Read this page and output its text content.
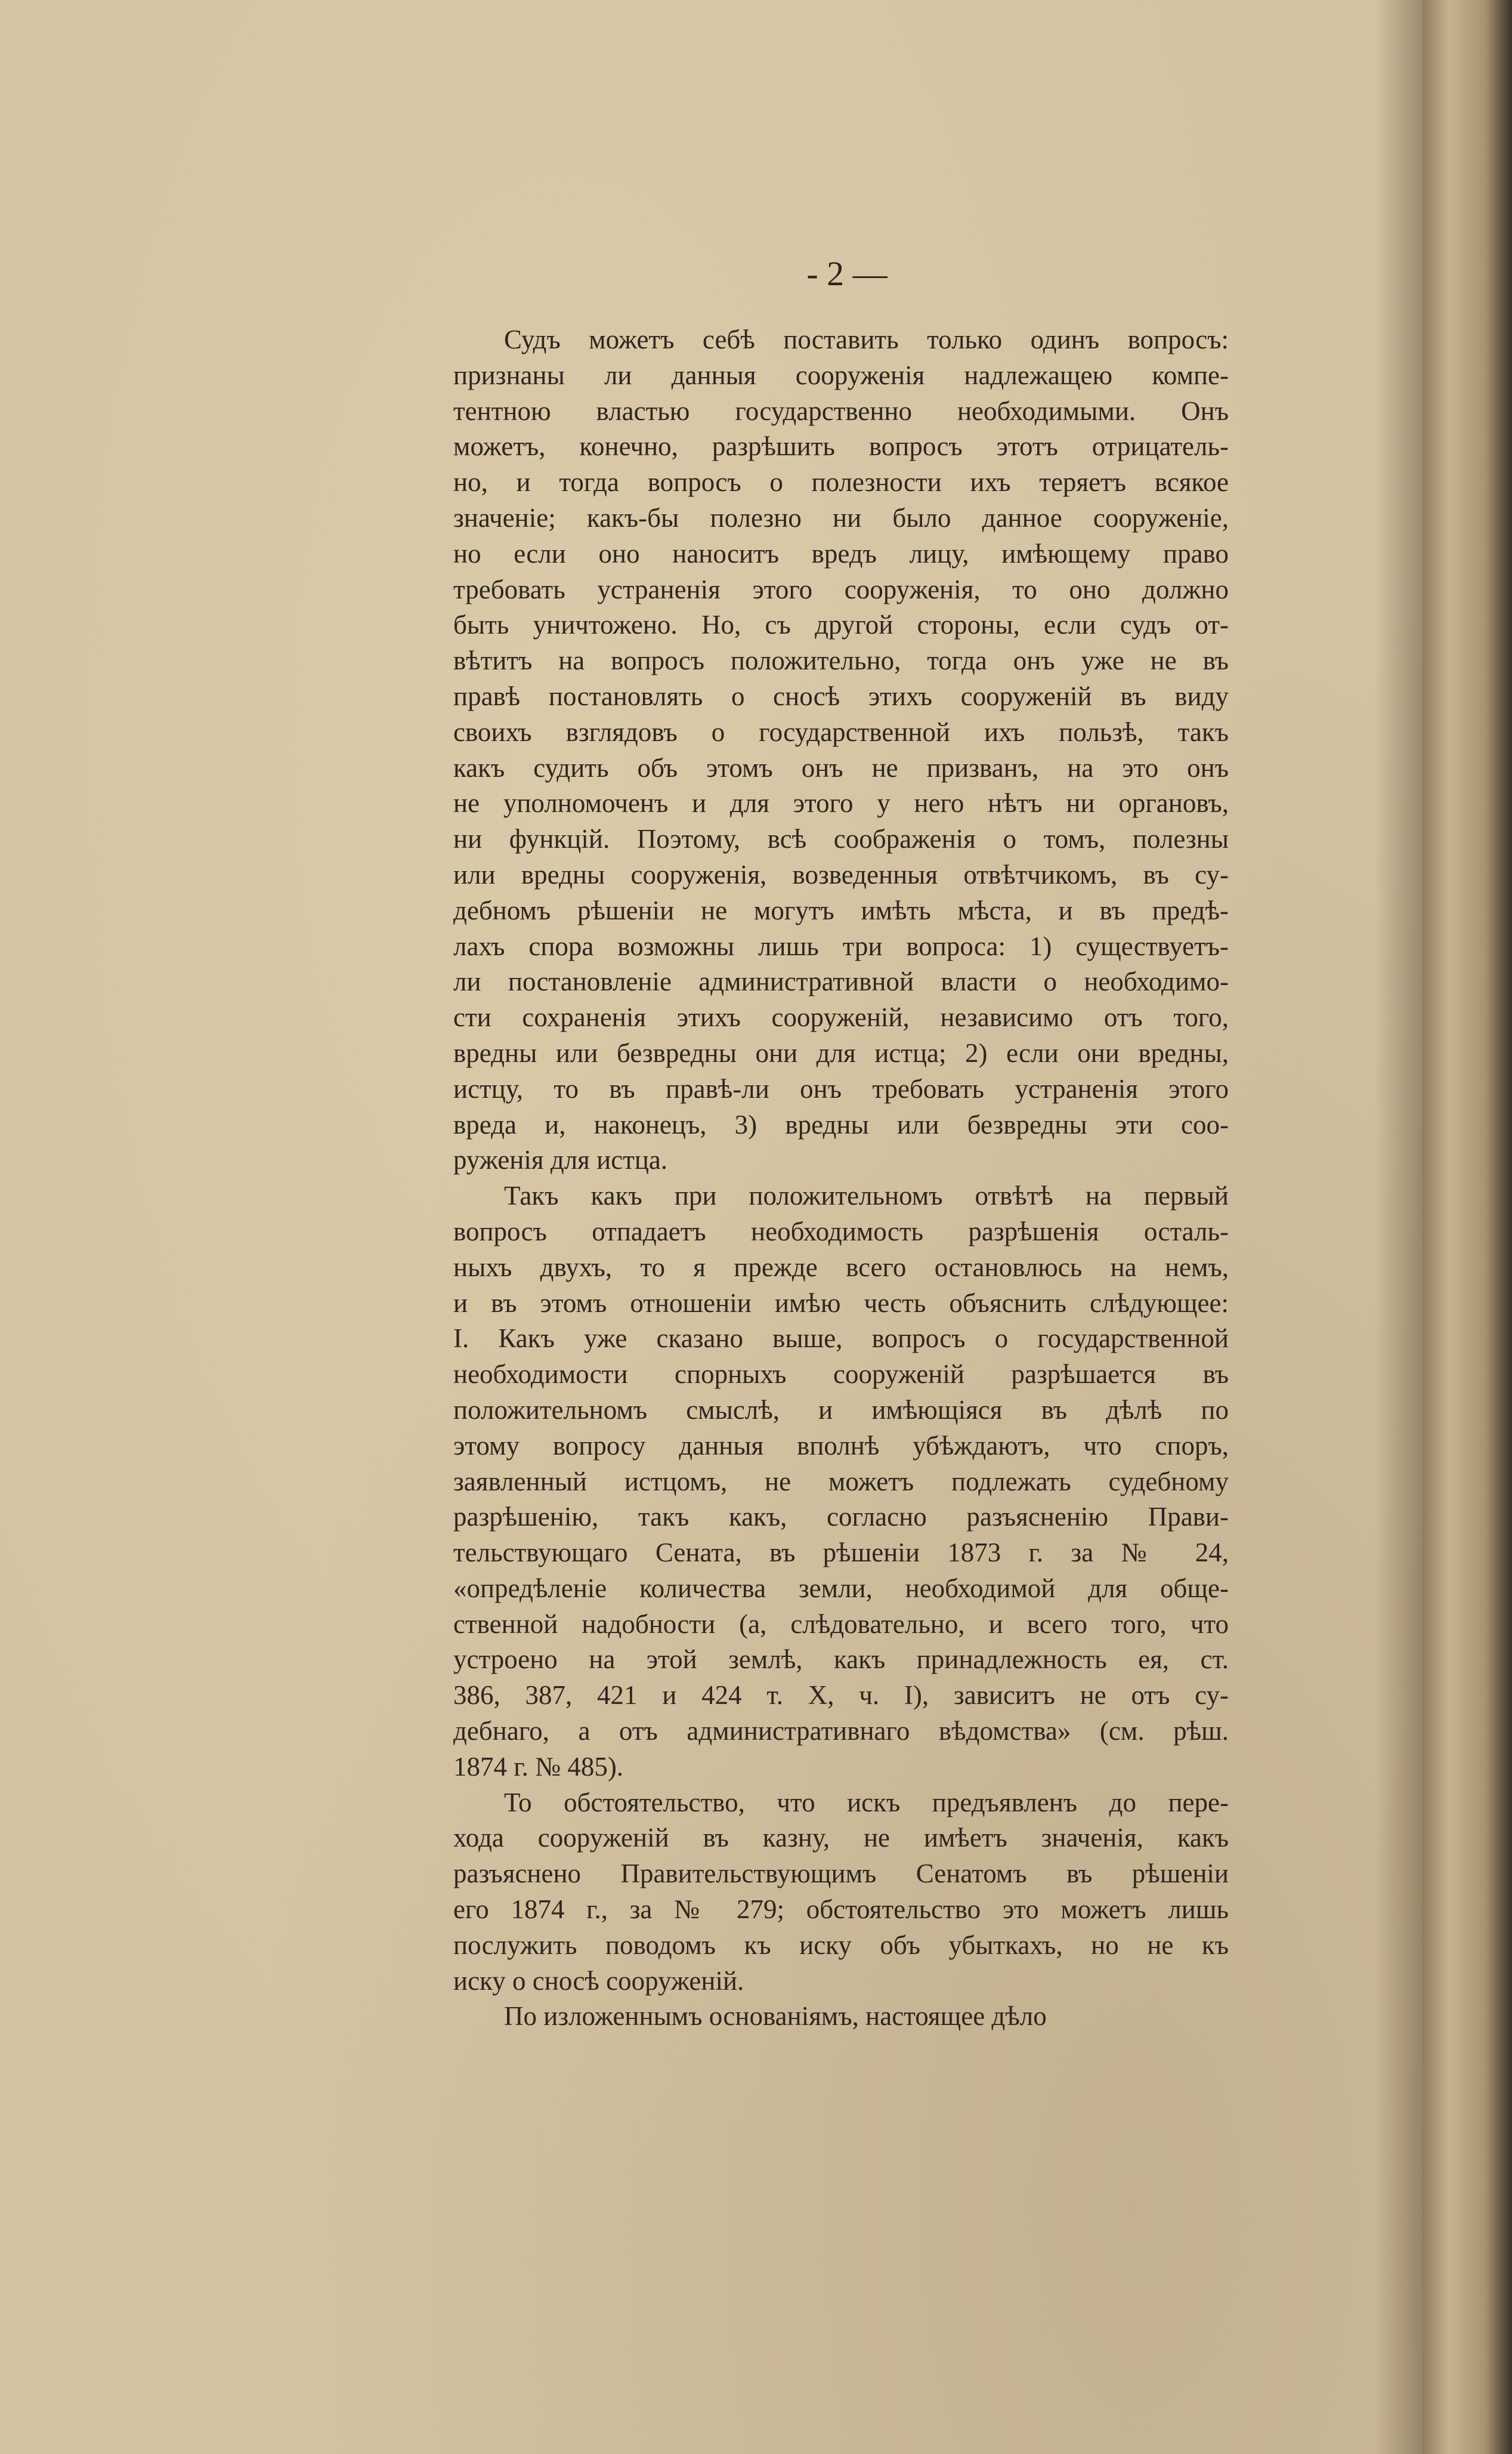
- 2 —
Судъ можетъ себѣ поставить только одинъ вопросъ:
признаны ли данныя сооруженія надлежащею компе-
тентною властью государственно необходимыми. Онъ
можетъ, конечно, разрѣшить вопросъ этотъ отрицатель-
но, и тогда вопросъ о полезности ихъ теряетъ всякое
значеніе; какъ-бы полезно ни было данное сооруженіе,
но если оно наноситъ вредъ лицу, имѣющему право
требовать устраненія этого сооруженія, то оно должно
быть уничтожено. Но, съ другой стороны, если судъ от-
вѣтитъ на вопросъ положительно, тогда онъ уже не въ
правѣ постановлять о сносѣ этихъ сооруженій въ виду
своихъ взглядовъ о государственной ихъ пользѣ, такъ
какъ судить объ этомъ онъ не призванъ, на это онъ
не уполномоченъ и для этого у него нѣтъ ни органовъ,
ни функцій. Поэтому, всѣ соображенія о томъ, полезны
или вредны сооруженія, возведенныя отвѣтчикомъ, въ су-
дебномъ рѣшеніи не могутъ имѣть мѣста, и въ предѣ-
лахъ спора возможны лишь три вопроса: 1) существуетъ-
ли постановленіе административной власти о необходимо-
сти сохраненія этихъ сооруженій, независимо отъ того,
вредны или безвредны они для истца; 2) если они вредны,
истцу, то въ правѣ-ли онъ требовать устраненія этого
вреда и, наконецъ, 3) вредны или безвредны эти соо-
руженія для истца.
Такъ какъ при положительномъ отвѣтѣ на первый
вопросъ отпадаетъ необходимость разрѣшенія осталь-
ныхъ двухъ, то я прежде всего остановлюсь на немъ,
и въ этомъ отношеніи имѣю честь объяснить слѣдующее:
I. Какъ уже сказано выше, вопросъ о государственной
необходимости спорныхъ сооруженій разрѣшается въ
положительномъ смыслѣ, и имѣющіяся въ дѣлѣ по
этому вопросу данныя вполнѣ убѣждаютъ, что споръ,
заявленный истцомъ, не можетъ подлежать судебному
разрѣшенію, такъ какъ, согласно разъясненію Прави-
тельствующаго Сената, въ рѣшеніи 1873 г. за № 24,
«опредѣленіе количества земли, необходимой для обще-
ственной надобности (а, слѣдовательно, и всего того, что
устроено на этой землѣ, какъ принадлежность ея, ст.
386, 387, 421 и 424 т. X, ч. I), зависитъ не отъ су-
дебнаго, а отъ административнаго вѣдомства» (см. рѣш.
1874 г. № 485).
То обстоятельство, что искъ предъявленъ до пере-
хода сооруженій въ казну, не имѣетъ значенія, какъ
разъяснено Правительствующимъ Сенатомъ въ рѣшеніи
его 1874 г., за № 279; обстоятельство это можетъ лишь
послужить поводомъ къ иску объ убыткахъ, но не къ
иску о сносѣ сооруженій.
По изложеннымъ основаніямъ, настоящее дѣло
